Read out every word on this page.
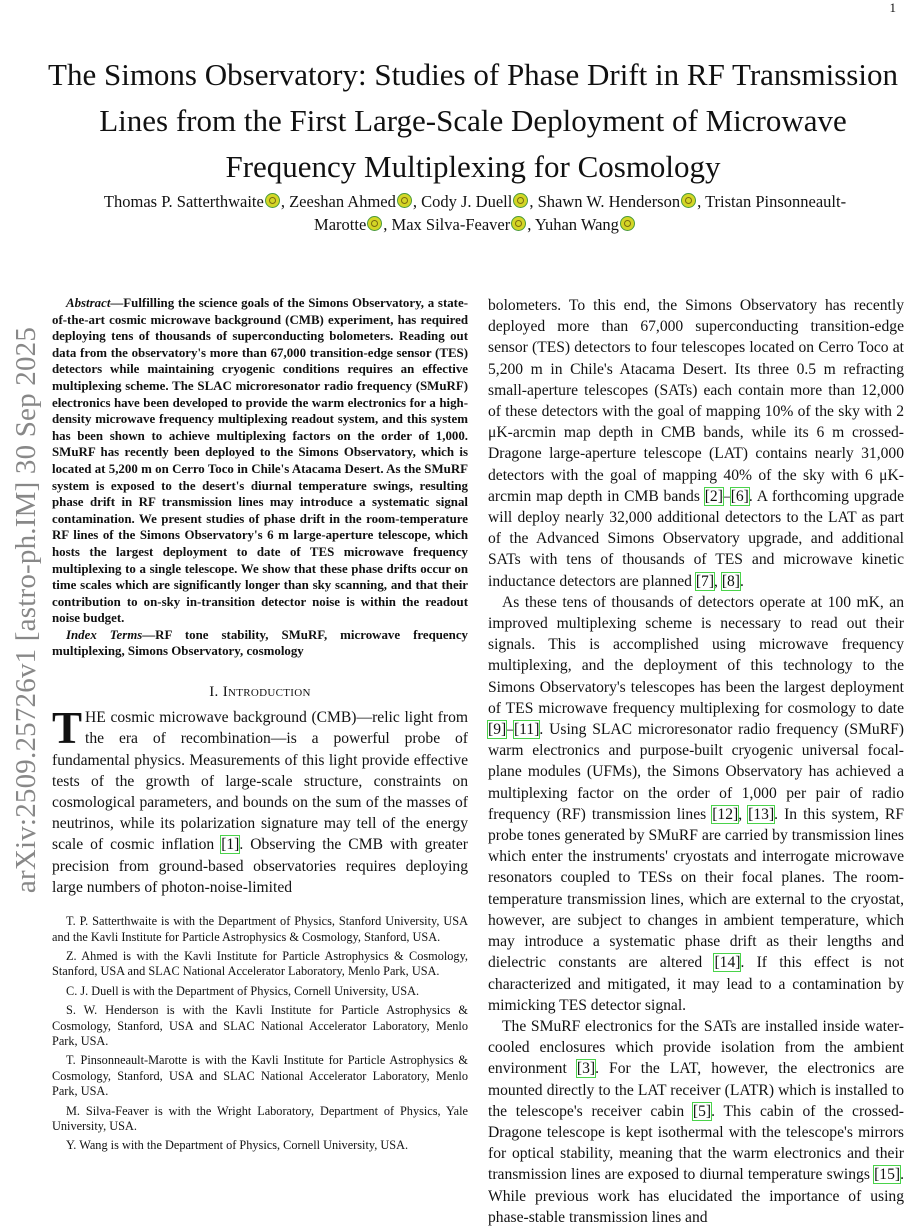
1
arXiv:2509.25726v1 [astro-ph.IM] 30 Sep 2025
The Simons Observatory: Studies of Phase Drift in RF Transmission Lines from the First Large-Scale Deployment of Microwave Frequency Multiplexing for Cosmology
Thomas P. Satterthwaite , Zeeshan Ahmed , Cody J. Duell , Shawn W. Henderson , Tristan Pinsonneault-Marotte , Max Silva-Feaver , Yuhan Wang

Abstract—Fulfilling the science goals of the Simons Observatory, a state-of-the-art cosmic microwave background (CMB) experiment, has required deploying tens of thousands of superconducting bolometers. Reading out data from the observatory's more than 67,000 transition-edge sensor (TES) detectors while maintaining cryogenic conditions requires an effective multiplexing scheme. The SLAC microresonator radio frequency (SMuRF) electronics have been developed to provide the warm electronics for a high-density microwave frequency multiplexing readout system, and this system has been shown to achieve multiplexing factors on the order of 1,000. SMuRF has recently been deployed to the Simons Observatory, which is located at 5,200 m on Cerro Toco in Chile's Atacama Desert. As the SMuRF system is exposed to the desert's diurnal temperature swings, resulting phase drift in RF transmission lines may introduce a systematic signal contamination. We present studies of phase drift in the room-temperature RF lines of the Simons Observatory's 6 m large-aperture telescope, which hosts the largest deployment to date of TES microwave frequency multiplexing to a single telescope. We show that these phase drifts occur on time scales which are significantly longer than sky scanning, and that their contribution to on-sky in-transition detector noise is within the readout noise budget.

Index Terms—RF tone stability, SMuRF, microwave frequency multiplexing, Simons Observatory, cosmology

I. Introduction

THE cosmic microwave background (CMB)—relic light from the era of recombination—is a powerful probe of fundamental physics. Measurements of this light provide effective tests of the growth of large-scale structure, constraints on cosmological parameters, and bounds on the sum of the masses of neutrinos, while its polarization signature may tell of the energy scale of cosmic inflation [1]. Observing the CMB with greater precision from ground-based observatories requires deploying large numbers of photon-noise-limited

T. P. Satterthwaite is with the Department of Physics, Stanford University, USA and the Kavli Institute for Particle Astrophysics & Cosmology, Stanford, USA.

Z. Ahmed is with the Kavli Institute for Particle Astrophysics & Cosmology, Stanford, USA and SLAC National Accelerator Laboratory, Menlo Park, USA.

C. J. Duell is with the Department of Physics, Cornell University, USA.

S. W. Henderson is with the Kavli Institute for Particle Astrophysics & Cosmology, Stanford, USA and SLAC National Accelerator Laboratory, Menlo Park, USA.

T. Pinsonneault-Marotte is with the Kavli Institute for Particle Astrophysics & Cosmology, Stanford, USA and SLAC National Accelerator Laboratory, Menlo Park, USA.

M. Silva-Feaver is with the Wright Laboratory, Department of Physics, Yale University, USA.

Y. Wang is with the Department of Physics, Cornell University, USA.

bolometers. To this end, the Simons Observatory has recently deployed more than 67,000 superconducting transition-edge sensor (TES) detectors to four telescopes located on Cerro Toco at 5,200 m in Chile's Atacama Desert. Its three 0.5 m refracting small-aperture telescopes (SATs) each contain more than 12,000 of these detectors with the goal of mapping 10% of the sky with 2 μK-arcmin map depth in CMB bands, while its 6 m crossed-Dragone large-aperture telescope (LAT) contains nearly 31,000 detectors with the goal of mapping 40% of the sky with 6 μK-arcmin map depth in CMB bands [2]–[6]. A forthcoming upgrade will deploy nearly 32,000 additional detectors to the LAT as part of the Advanced Simons Observatory upgrade, and additional SATs with tens of thousands of TES and microwave kinetic inductance detectors are planned [7], [8].

As these tens of thousands of detectors operate at 100 mK, an improved multiplexing scheme is necessary to read out their signals. This is accomplished using microwave frequency multiplexing, and the deployment of this technology to the Simons Observatory's telescopes has been the largest deployment of TES microwave frequency multiplexing for cosmology to date [9]–[11]. Using SLAC microresonator radio frequency (SMuRF) warm electronics and purpose-built cryogenic universal focal-plane modules (UFMs), the Simons Observatory has achieved a multiplexing factor on the order of 1,000 per pair of radio frequency (RF) transmission lines [12], [13]. In this system, RF probe tones generated by SMuRF are carried by transmission lines which enter the instruments' cryostats and interrogate microwave resonators coupled to TESs on their focal planes. The room-temperature transmission lines, which are external to the cryostat, however, are subject to changes in ambient temperature, which may introduce a systematic phase drift as their lengths and dielectric constants are altered [14]. If this effect is not characterized and mitigated, it may lead to a contamination by mimicking TES detector signal.

The SMuRF electronics for the SATs are installed inside water-cooled enclosures which provide isolation from the ambient environment [3]. For the LAT, however, the electronics are mounted directly to the LAT receiver (LATR) which is installed to the telescope's receiver cabin [5]. This cabin of the crossed-Dragone telescope is kept isothermal with the telescope's mirrors for optical stability, meaning that the warm electronics and their transmission lines are exposed to diurnal temperature swings [15]. While previous work has elucidated the importance of using phase-stable transmission lines and
